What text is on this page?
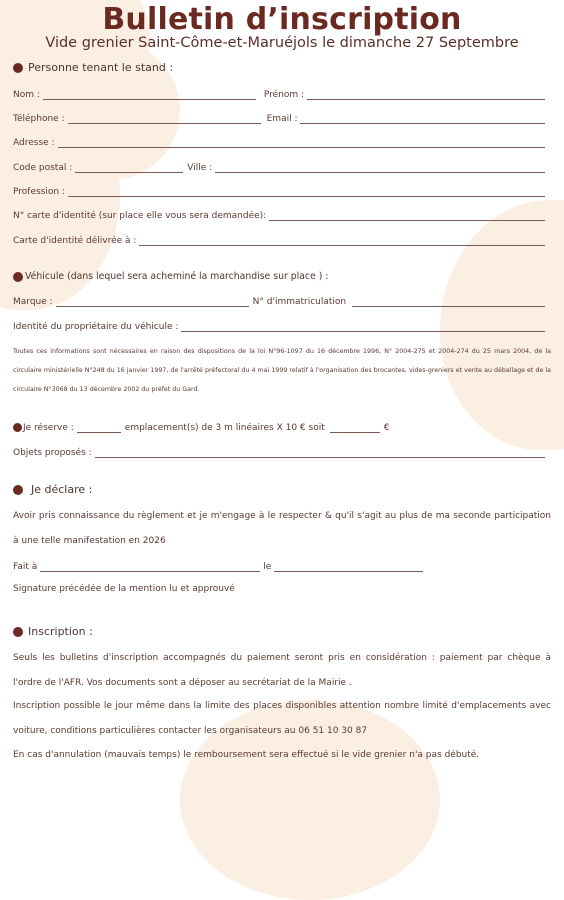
Bulletin d’inscription
Vide grenier Saint-Côme-et-Maruéjols le dimanche 27 Septembre
Personne tenant le stand :
Nom :	Prénom :
Téléphone :	Email :
Adresse :
Code postal :	Ville :
Profession :
N° carte d'identité (sur place elle vous sera demandée):
Carte d'identité délivrée à :
Véhicule (dans lequel sera acheminé la marchandise sur place ) :
Marque :	N° d'immatriculation
Identité du propriétaire du véhicule :
Toutes ces informations sont nécessaires en raison des dispositions de la loi N°96-1097 du 16 décembre 1996, N° 2004-275 et 2004-274 du 25 mars 2004, de la circulaire ministérielle N°248 du 16 janvier 1997, de l'arrêté préfectoral du 4 mai 1999 relatif à l'organisation des brocantes, vides-greniers et vente au déballage et de la circulaire N°3068 du 13 décembre 2002 du préfet du Gard.
Je réserve :	emplacement(s) de 3 m linéaires X 10 € soit	€
Objets proposés :
Je déclare :
Avoir pris connaissance du règlement et je m'engage à le respecter & qu'il s'agit au plus de ma seconde participation à une telle manifestation en 2026
Fait à	le
Signature précédée de la mention lu et approuvé
Inscription :
Seuls les bulletins d'inscription accompagnés du paiement seront pris en considération : paiement par chèque à l'ordre de l'AFR. Vos documents sont a déposer au secrétariat de la Mairie .
Inscription possible le jour même dans la limite des places disponibles attention nombre limité d'emplacements avec voiture, conditions particulières contacter les organisateurs au 06 51 10 30 87
En cas d'annulation (mauvais temps) le remboursement sera effectué si le vide grenier n'a pas débuté.
